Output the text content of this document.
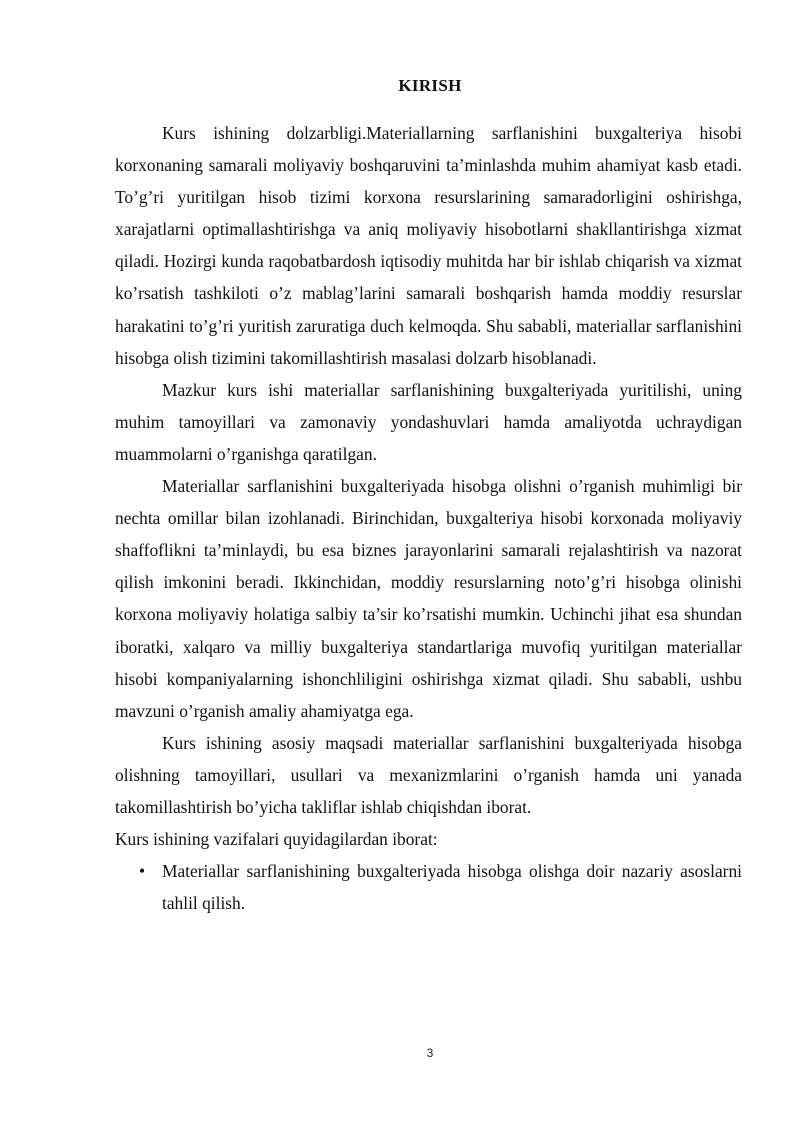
KIRISH

Kurs ishining dolzarbligi.Materiallarning sarflanishini buxgalteriya hisobi korxonaning samarali moliyaviy boshqaruvini ta’minlashda muhim ahamiyat kasb etadi. To’g’ri yuritilgan hisob tizimi korxona resurslarining samaradorligini oshirishga, xarajatlarni optimallashtirishga va aniq moliyaviy hisobotlarni shakllantirishga xizmat qiladi. Hozirgi kunda raqobatbardosh iqtisodiy muhitda har bir ishlab chiqarish va xizmat ko’rsatish tashkiloti o’z mablag’larini samarali boshqarish hamda moddiy resurslar harakatini to’g’ri yuritish zaruratiga duch kelmoqda. Shu sababli, materiallar sarflanishini hisobga olish tizimini takomillashtirish masalasi dolzarb hisoblanadi.

Mazkur kurs ishi materiallar sarflanishining buxgalteriyada yuritilishi, uning muhim tamoyillari va zamonaviy yondashuvlari hamda amaliyotda uchraydigan muammolarni o’rganishga qaratilgan.

Materiallar sarflanishini buxgalteriyada hisobga olishni o’rganish muhimligi bir nechta omillar bilan izohlanadi. Birinchidan, buxgalteriya hisobi korxonada moliyaviy shaffoflikni ta’minlaydi, bu esa biznes jarayonlarini samarali rejalashtirish va nazorat qilish imkonini beradi. Ikkinchidan, moddiy resurslarning noto’g’ri hisobga olinishi korxona moliyaviy holatiga salbiy ta’sir ko’rsatishi mumkin. Uchinchi jihat esa shundan iboratki, xalqaro va milliy buxgalteriya standartlariga muvofiq yuritilgan materiallar hisobi kompaniyalarning ishonchliligini oshirishga xizmat qiladi. Shu sababli, ushbu mavzuni o’rganish amaliy ahamiyatga ega.

Kurs ishining asosiy maqsadi materiallar sarflanishini buxgalteriyada hisobga olishning tamoyillari, usullari va mexanizmlarini o’rganish hamda uni yanada takomillashtirish bo’yicha takliflar ishlab chiqishdan iborat.

Kurs ishining vazifalari quyidagilardan iborat:

• Materiallar sarflanishining buxgalteriyada hisobga olishga doir nazariy asoslarni tahlil qilish.
3
